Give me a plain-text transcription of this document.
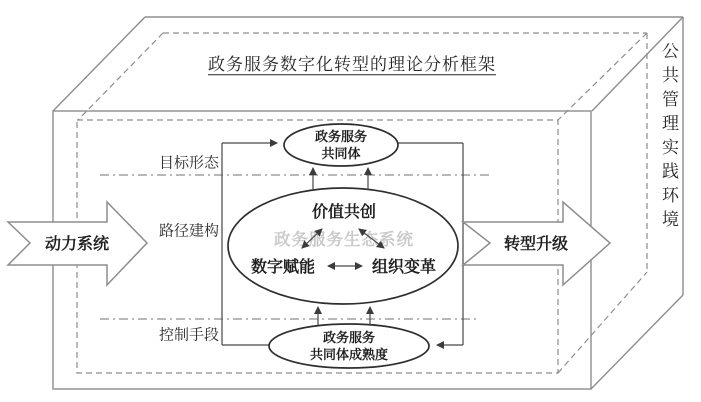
政务服务生态系统
政务服务数字化转型的理论分析框架	公共管理实践环境
目标形态
路径建构
控制手段
动力系统	转型升级
政务服务
共同体
价值共创
数字赋能	组织变革
政务服务
共同体成熟度
